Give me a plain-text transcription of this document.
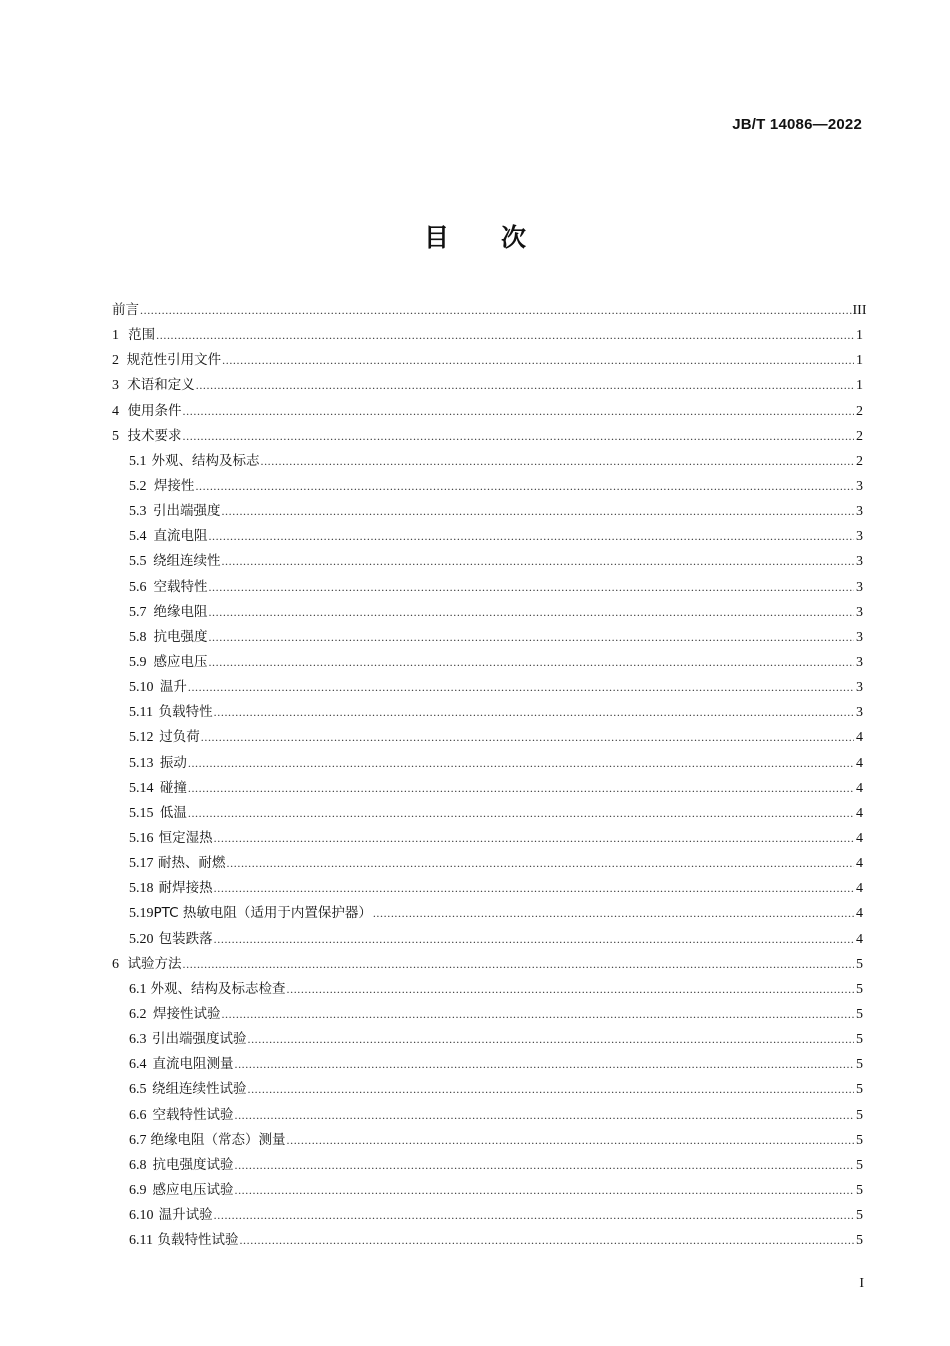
JB/T 14086—2022
目 次
前言 .....	III
1 范围 .....	1
2 规范性引用文件 .....	1
3 术语和定义 .....	1
4 使用条件 .....	2
5 技术要求 .....	2
5.1 外观、结构及标志 .....	2
5.2 焊接性 .....	3
5.3 引出端强度 .....	3
5.4 直流电阻 .....	3
5.5 绕组连续性 .....	3
5.6 空载特性 .....	3
5.7 绝缘电阻 .....	3
5.8 抗电强度 .....	3
5.9 感应电压 .....	3
5.10 温升 .....	3
5.11 负载特性 .....	3
5.12 过负荷 .....	4
5.13 振动 .....	4
5.14 碰撞 .....	4
5.15 低温 .....	4
5.16 恒定湿热 .....	4
5.17 耐热、耐燃 .....	4
5.18 耐焊接热 .....	4
5.19 PTC 热敏电阻（适用于内置保护器） .....	4
5.20 包装跌落 .....	4
6 试验方法 .....	5
6.1 外观、结构及标志检查 .....	5
6.2 焊接性试验 .....	5
6.3 引出端强度试验 .....	5
6.4 直流电阻测量 .....	5
6.5 绕组连续性试验 .....	5
6.6 空载特性试验 .....	5
6.7 绝缘电阻（常态）测量 .....	5
6.8 抗电强度试验 .....	5
6.9 感应电压试验 .....	5
6.10 温升试验 .....	5
6.11 负载特性试验 .....	5
I
